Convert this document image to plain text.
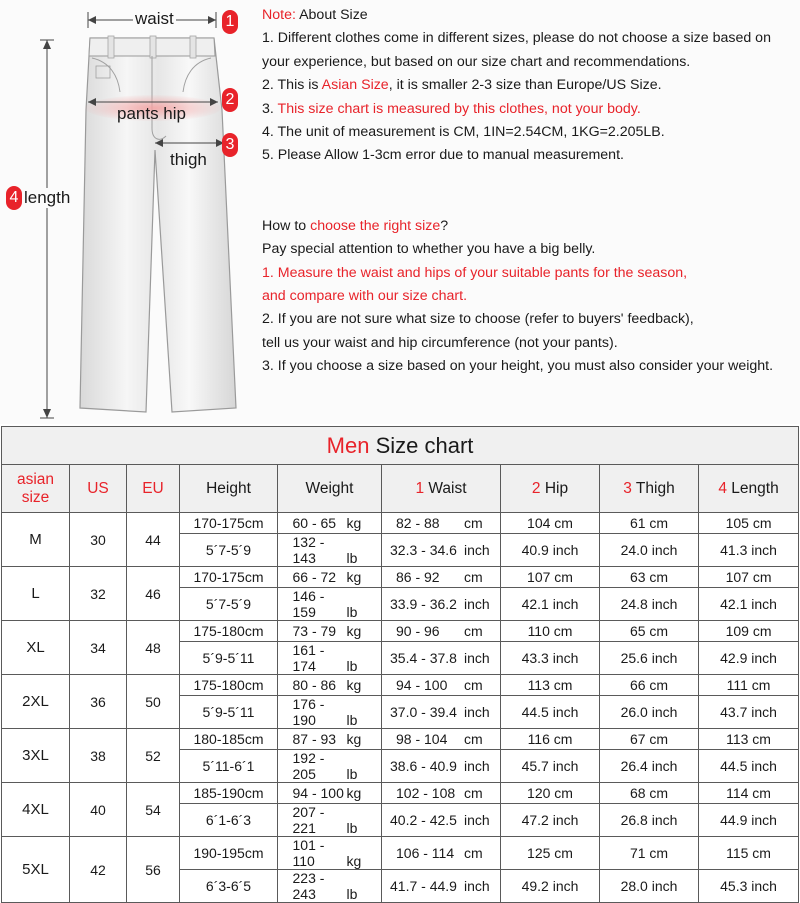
waist	1
pants hip
2
thigh
3
4 length
Note: About Size
1. Different clothes come in different sizes, please do not choose a size based on
your experience, but based on our size chart and recommendations.
2. This is Asian Size, it is smaller 2-3 size than Europe/US Size.
3. This size chart is measured by this clothes, not your body.
4. The unit of measurement is CM, 1IN=2.54CM, 1KG=2.205LB.
5. Please Allow 1-3cm error due to manual measurement.
How to choose the right size?
Pay special attention to whether you have a big belly.
1. Measure the waist and hips of your suitable pants for the season,
and compare with our size chart.
2. If you are not sure what size to choose (refer to buyers' feedback),
tell us your waist and hip circumference (not your pants).
3. If you choose a size based on your height, you must also consider your weight.
Men Size chart								
asian
size	US	EU	Height	Weight	1 Waist	2 Hip	3 Thigh	4 Length
M	30	44	170-175cm	60 - 65 kg	82 - 88 cm	104 cm	61 cm	105 cm
			5´7-5´9	132 - 143 lb	32.3 - 34.6 inch	40.9 inch	24.0 inch	41.3 inch
L	32	46	170-175cm	66 - 72 kg	86 - 92 cm	107 cm	63 cm	107 cm
			5´7-5´9	146 - 159 lb	33.9 - 36.2 inch	42.1 inch	24.8 inch	42.1 inch
XL	34	48	175-180cm	73 - 79 kg	90 - 96 cm	110 cm	65 cm	109 cm
			5´9-5´11	161 - 174 lb	35.4 - 37.8 inch	43.3 inch	25.6 inch	42.9 inch
2XL	36	50	175-180cm	80 - 86 kg	94 - 100 cm	113 cm	66 cm	111 cm
			5´9-5´11	176 - 190 lb	37.0 - 39.4 inch	44.5 inch	26.0 inch	43.7 inch
3XL	38	52	180-185cm	87 - 93 kg	98 - 104 cm	116 cm	67 cm	113 cm
			5´11-6´1	192 - 205 lb	38.6 - 40.9 inch	45.7 inch	26.4 inch	44.5 inch
4XL	40	54	185-190cm	94 - 100 kg	102 - 108 cm	120 cm	68 cm	114 cm
			6´1-6´3	207 - 221 lb	40.2 - 42.5 inch	47.2 inch	26.8 inch	44.9 inch
5XL	42	56	190-195cm	101 - 110 kg	106 - 114 cm	125 cm	71 cm	115 cm
			6´3-6´5	223 - 243 lb	41.7 - 44.9 inch	49.2 inch	28.0 inch	45.3 inch
